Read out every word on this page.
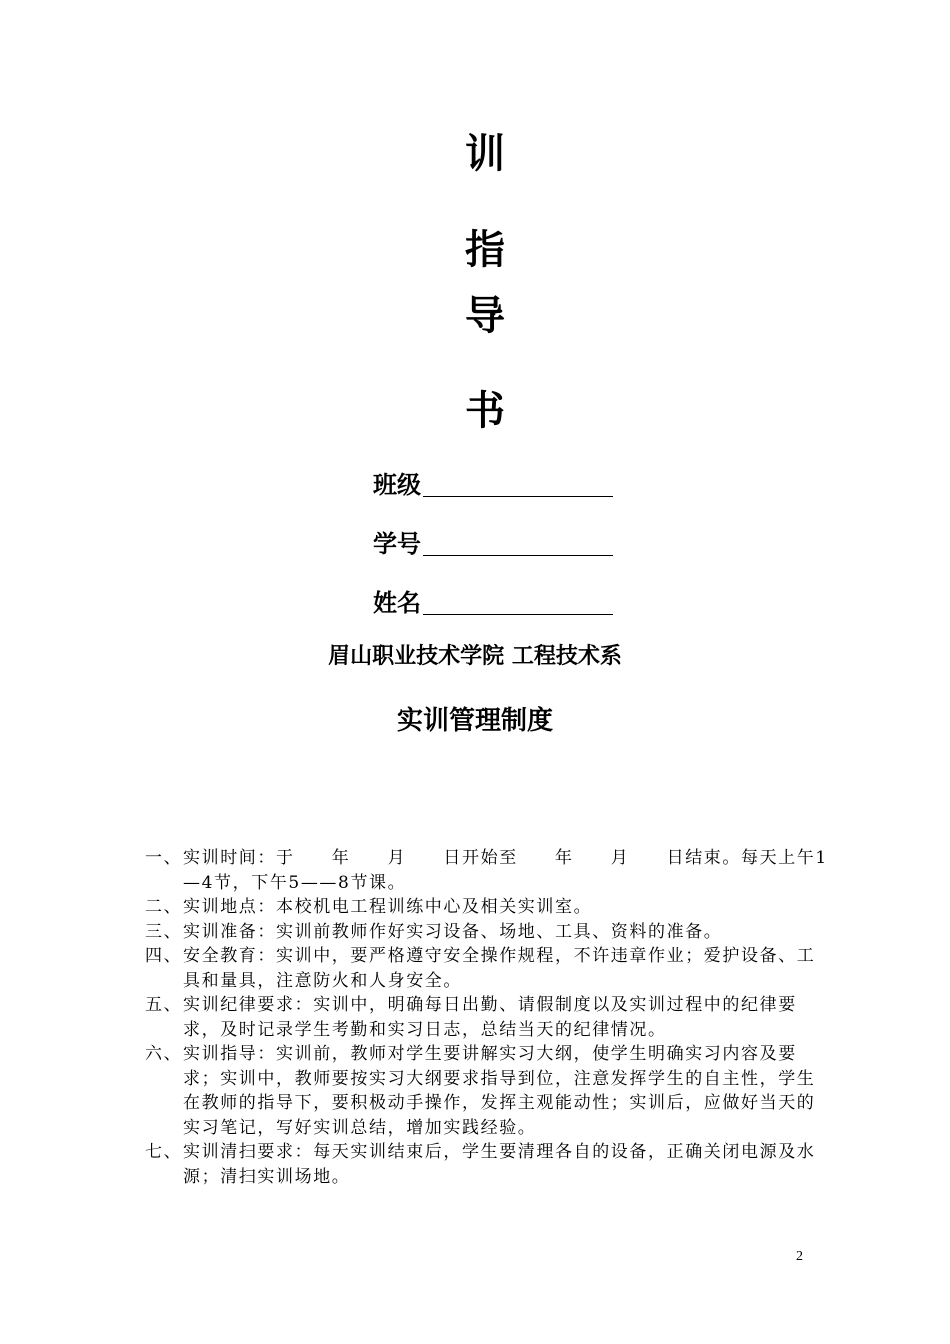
训
指
导
书
班级
学号
姓名
眉山职业技术学院 工程技术系
实训管理制度
一、 实训时间：于　　年　　月　　日开始至　　年　　月　　日结束。每天上午1—4节，下午5——8节课。
二、 实训地点：本校机电工程训练中心及相关实训室。
三、 实训准备：实训前教师作好实习设备、场地、工具、资料的准备。
四、 安全教育：实训中，要严格遵守安全操作规程，不许违章作业；爱护设备、工具和量具，注意防火和人身安全。
五、 实训纪律要求：实训中，明确每日出勤、请假制度以及实训过程中的纪律要求，及时记录学生考勤和实习日志，总结当天的纪律情况。
六、 实训指导：实训前，教师对学生要讲解实习大纲，使学生明确实习内容及要求；实训中，教师要按实习大纲要求指导到位，注意发挥学生的自主性，学生在教师的指导下，要积极动手操作，发挥主观能动性；实训后，应做好当天的实习笔记，写好实训总结，增加实践经验。
七、 实训清扫要求：每天实训结束后，学生要清理各自的设备，正确关闭电源及水源；清扫实训场地。
2
